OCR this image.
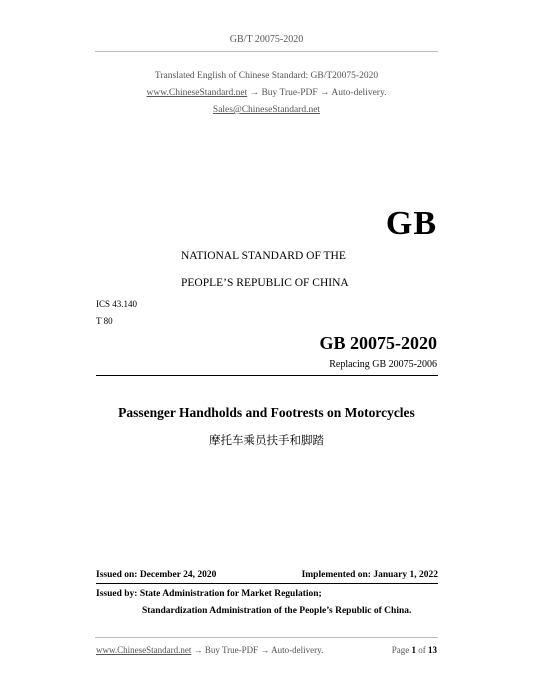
GB/T 20075-2020
Translated English of Chinese Standard: GB/T20075-2020
www.ChineseStandard.net → Buy True-PDF → Auto-delivery.
Sales@ChineseStandard.net
GB
NATIONAL STANDARD OF THE
PEOPLE’S REPUBLIC OF CHINA
ICS 43.140
T 80
GB 20075-2020
Replacing GB 20075-2006
Passenger Handholds and Footrests on Motorcycles
摩托车乘员扶手和脚踏
Issued on: December 24, 2020	Implemented on: January 1, 2022
Issued by: State Administration for Market Regulation;
Standardization Administration of the People’s Republic of China.
www.ChineseStandard.net → Buy True-PDF → Auto-delivery.	Page 1 of 13
